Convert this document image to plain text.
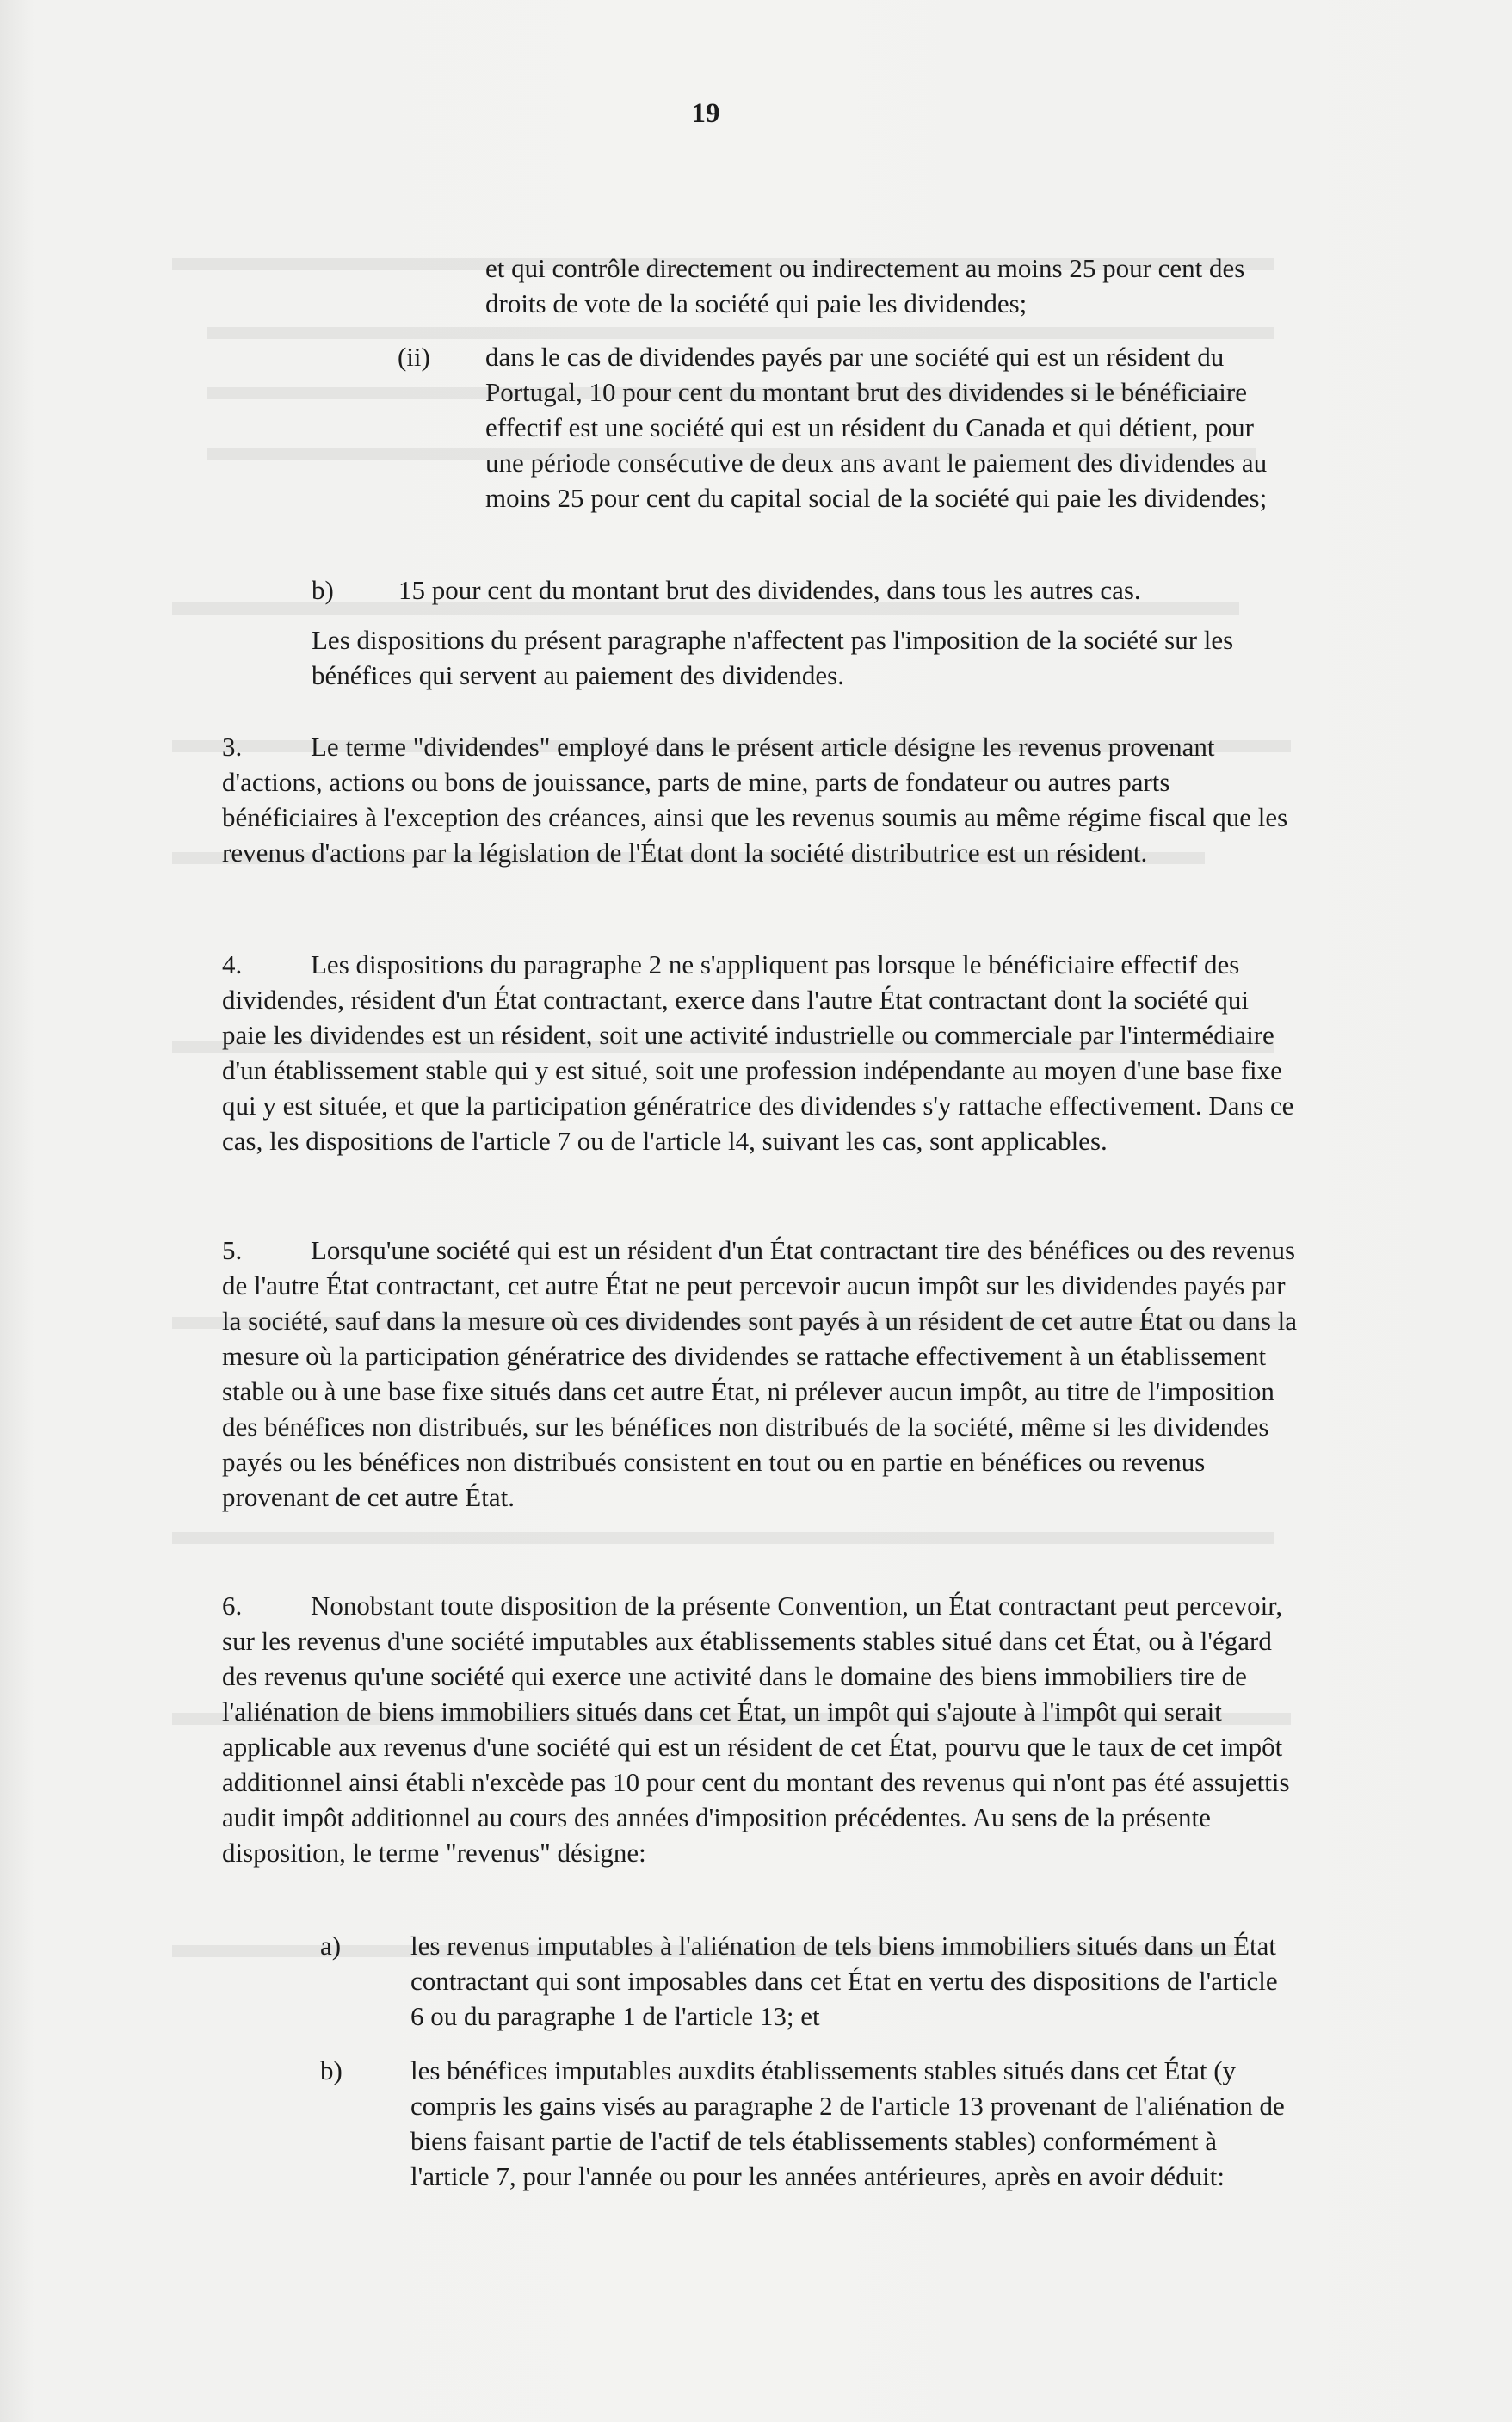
19

et qui contrôle directement ou indirectement au moins 25 pour cent des droits de vote de la société qui paie les dividendes;

(ii) dans le cas de dividendes payés par une société qui est un résident du Portugal, 10 pour cent du montant brut des dividendes si le bénéficiaire effectif est une société qui est un résident du Canada et qui détient, pour une période consécutive de deux ans avant le paiement des dividendes au moins 25 pour cent du capital social de la société qui paie les dividendes;

b) 15 pour cent du montant brut des dividendes, dans tous les autres cas.

Les dispositions du présent paragraphe n'affectent pas l'imposition de la société sur les bénéfices qui servent au paiement des dividendes.

3.	Le terme "dividendes" employé dans le présent article désigne les revenus provenant d'actions, actions ou bons de jouissance, parts de mine, parts de fondateur ou autres parts bénéficiaires à l'exception des créances, ainsi que les revenus soumis au même régime fiscal que les revenus d'actions par la législation de l'État dont la société distributrice est un résident.

4.	Les dispositions du paragraphe 2 ne s'appliquent pas lorsque le bénéficiaire effectif des dividendes, résident d'un État contractant, exerce dans l'autre État contractant dont la société qui paie les dividendes est un résident, soit une activité industrielle ou commerciale par l'intermédiaire d'un établissement stable qui y est situé, soit une profession indépendante au moyen d'une base fixe qui y est située, et que la participation génératrice des dividendes s'y rattache effectivement. Dans ce cas, les dispositions de l'article 7 ou de l'article l4, suivant les cas, sont applicables.

5.	Lorsqu'une société qui est un résident d'un État contractant tire des bénéfices ou des revenus de l'autre État contractant, cet autre État ne peut percevoir aucun impôt sur les dividendes payés par la société, sauf dans la mesure où ces dividendes sont payés à un résident de cet autre État ou dans la mesure où la participation génératrice des dividendes se rattache effectivement à un établissement stable ou à une base fixe situés dans cet autre État, ni prélever aucun impôt, au titre de l'imposition des bénéfices non distribués, sur les bénéfices non distribués de la société, même si les dividendes payés ou les bénéfices non distribués consistent en tout ou en partie en bénéfices ou revenus provenant de cet autre État.

6.	Nonobstant toute disposition de la présente Convention, un État contractant peut percevoir, sur les revenus d'une société imputables aux établissements stables situé dans cet État, ou à l'égard des revenus qu'une société qui exerce une activité dans le domaine des biens immobiliers tire de l'aliénation de biens immobiliers situés dans cet État, un impôt qui s'ajoute à l'impôt qui serait applicable aux revenus d'une société qui est un résident de cet État, pourvu que le taux de cet impôt additionnel ainsi établi n'excède pas 10 pour cent du montant des revenus qui n'ont pas été assujettis audit impôt additionnel au cours des années d'imposition précédentes. Au sens de la présente disposition, le terme "revenus" désigne:

a)	les revenus imputables à l'aliénation de tels biens immobiliers situés dans un État contractant qui sont imposables dans cet État en vertu des dispositions de l'article 6 ou du paragraphe 1 de l'article 13; et

b)	les bénéfices imputables auxdits établissements stables situés dans cet État (y compris les gains visés au paragraphe 2 de l'article 13 provenant de l'aliénation de biens faisant partie de l'actif de tels établissements stables) conformément à l'article 7, pour l'année ou pour les années antérieures, après en avoir déduit:
